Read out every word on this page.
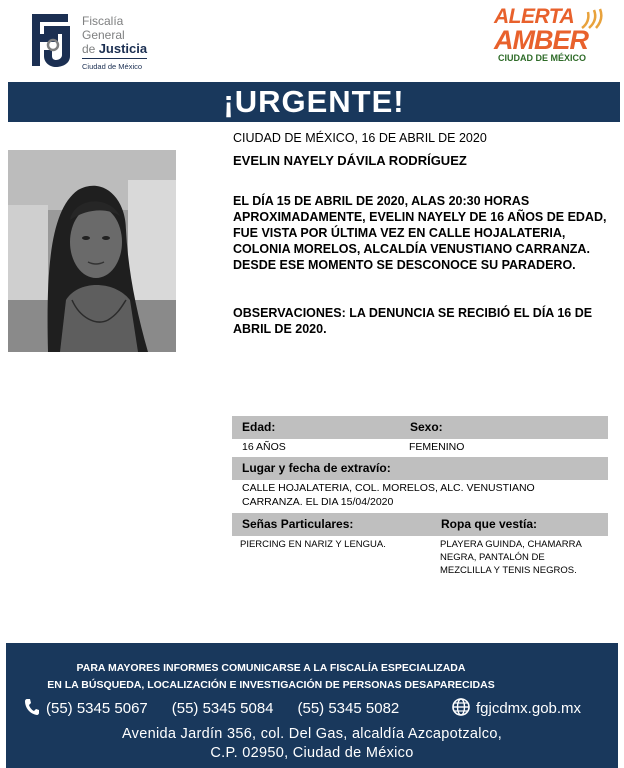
Fiscalía
General
de Justicia
Ciudad de México
ALERTA
AMBER
CIUDAD DE MÉXICO
¡URGENTE!
CIUDAD DE MÉXICO, 16 DE ABRIL DE 2020
EVELIN NAYELY DÁVILA RODRÍGUEZ
EL DÍA 15 DE ABRIL DE 2020, ALAS 20:30 HORAS APROXIMADAMENTE, EVELIN NAYELY DE 16 AÑOS DE EDAD, FUE VISTA POR ÚLTIMA VEZ EN CALLE HOJALATERIA, COLONIA MORELOS, ALCALDÍA VENUSTIANO CARRANZA. DESDE ESE MOMENTO SE DESCONOCE SU PARADERO.
OBSERVACIONES: LA DENUNCIA SE RECIBIÓ EL DÍA 16 DE ABRIL DE 2020.
Edad:	Sexo:
16 AÑOS	FEMENINO
Lugar y fecha de extravío:
CALLE HOJALATERIA, COL. MORELOS, ALC. VENUSTIANO
CARRANZA. EL DIA 15/04/2020
Señas Particulares:	Ropa que vestía:
PIERCING EN NARIZ Y LENGUA.	PLAYERA GUINDA, CHAMARRA
NEGRA, PANTALÓN DE
MEZCLILLA Y TENIS NEGROS.
PARA MAYORES INFORMES COMUNICARSE A LA FISCALÍA ESPECIALIZADA
EN LA BÚSQUEDA, LOCALIZACIÓN E INVESTIGACIÓN DE PERSONAS DESAPARECIDAS
(55) 5345 5067 (55) 5345 5084 (55) 5345 5082	fgjcdmx.gob.mx
Avenida Jardín 356, col. Del Gas, alcaldía Azcapotzalco,
C.P. 02950, Ciudad de México
